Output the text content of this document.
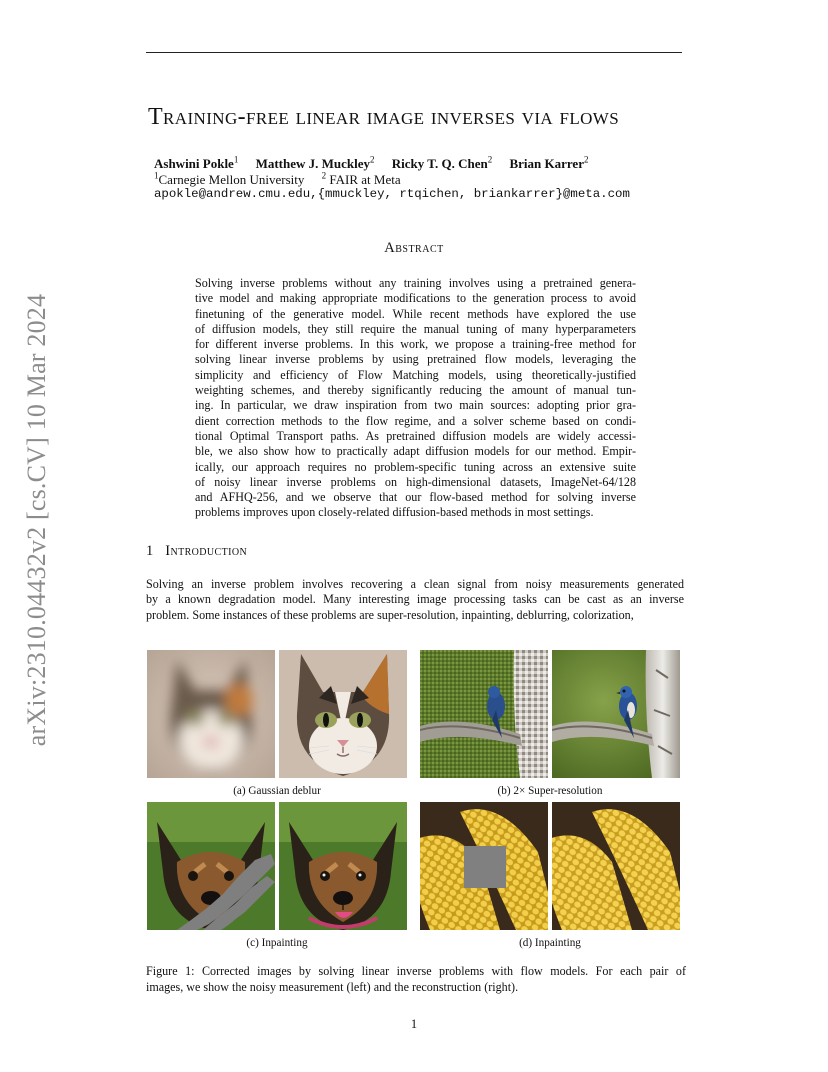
arXiv:2310.04432v2 [cs.CV] 10 Mar 2024
Training-free linear image inverses via flows
Ashwini Pokle$^1$ Matthew J. Muckley$^2$ Ricky T. Q. Chen$^2$ Brian Karrer$^2$
$^1$Carnegie Mellon University $^2$ FAIR at Meta
apokle@andrew.cmu.edu,{mmuckley, rtqichen, briankarrer}@meta.com
Abstract
Solving inverse problems without any training involves using a pretrained genera-
tive model and making appropriate modifications to the generation process to avoid
finetuning of the generative model. While recent methods have explored the use
of diffusion models, they still require the manual tuning of many hyperparameters
for different inverse problems. In this work, we propose a training-free method for
solving linear inverse problems by using pretrained flow models, leveraging the
simplicity and efficiency of Flow Matching models, using theoretically-justified
weighting schemes, and thereby significantly reducing the amount of manual tun-
ing. In particular, we draw inspiration from two main sources: adopting prior gra-
dient correction methods to the flow regime, and a solver scheme based on condi-
tional Optimal Transport paths. As pretrained diffusion models are widely accessi-
ble, we also show how to practically adapt diffusion models for our method. Empir-
ically, our approach requires no problem-specific tuning across an extensive suite
of noisy linear inverse problems on high-dimensional datasets, ImageNet-64/128
and AFHQ-256, and we observe that our flow-based method for solving inverse
problems improves upon closely-related diffusion-based methods in most settings.
1 Introduction
Solving an inverse problem involves recovering a clean signal from noisy measurements generated
by a known degradation model. Many interesting image processing tasks can be cast as an inverse
problem. Some instances of these problems are super-resolution, inpainting, deblurring, colorization,
(a) Gaussian deblur	(b) 2× Super-resolution
(c) Inpainting	(d) Inpainting
Figure 1: Corrected images by solving linear inverse problems with flow models. For each pair of
images, we show the noisy measurement (left) and the reconstruction (right).
1
